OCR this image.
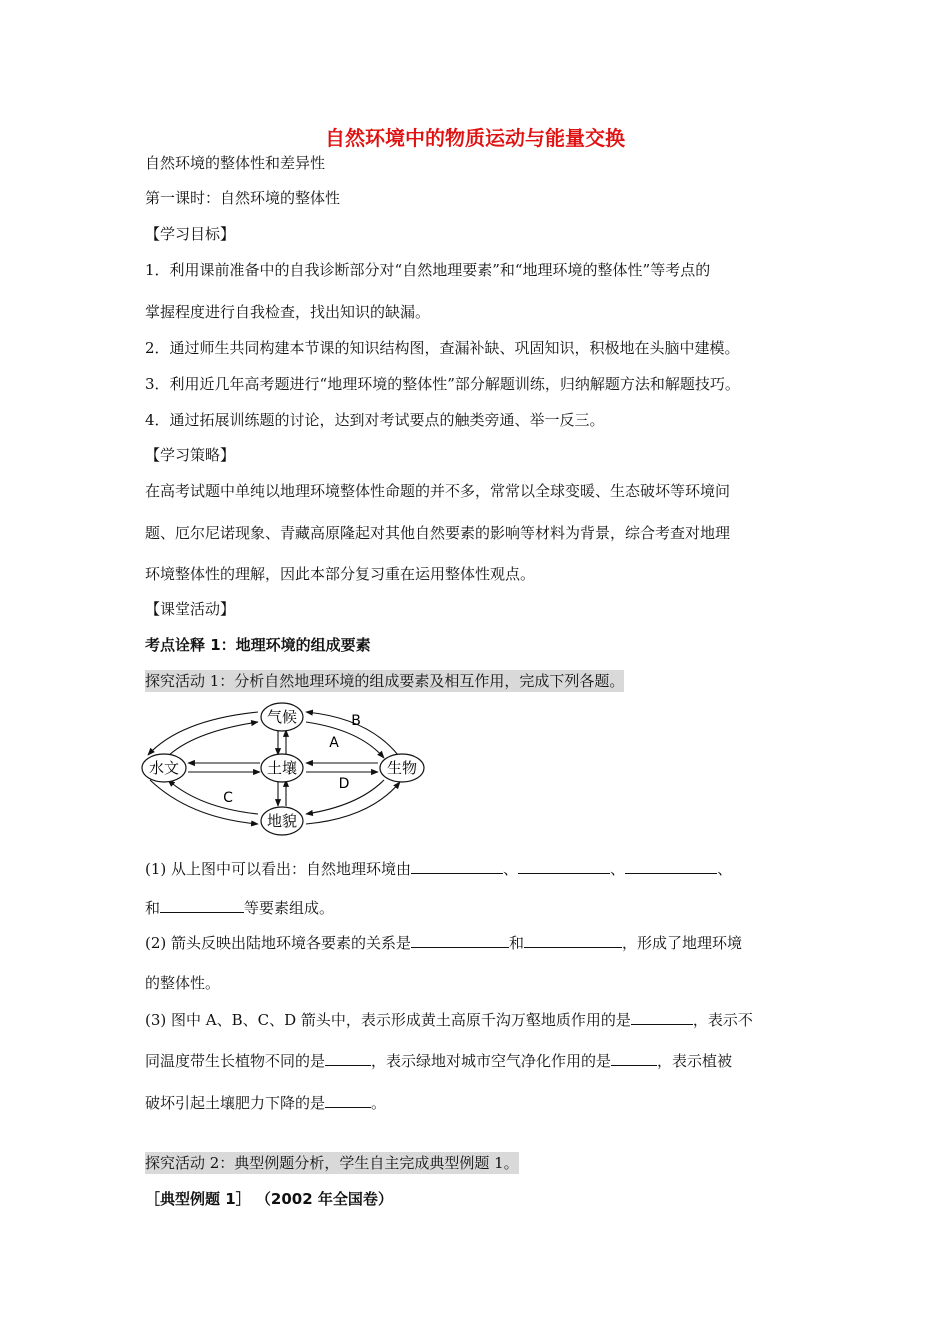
自然环境中的物质运动与能量交换
自然环境的整体性和差异性
第一课时：自然环境的整体性
【学习目标】
1．利用课前准备中的自我诊断部分对“自然地理要素”和“地理环境的整体性”等考点的
掌握程度进行自我检查，找出知识的缺漏。
2．通过师生共同构建本节课的知识结构图，查漏补缺、巩固知识，积极地在头脑中建模。
3．利用近几年高考题进行“地理环境的整体性”部分解题训练，归纳解题方法和解题技巧。
4．通过拓展训练题的讨论，达到对考试要点的触类旁通、举一反三。
【学习策略】
在高考试题中单纯以地理环境整体性命题的并不多，常常以全球变暖、生态破坏等环境问
题、厄尔尼诺现象、青藏高原隆起对其他自然要素的影响等材料为背景，综合考查对地理
环境整体性的理解，因此本部分复习重在运用整体性观点。
【课堂活动】
考点诠释 1：地理环境的组成要素
探究活动 1：分析自然地理环境的组成要素及相互作用，完成下列各题。
气候
水文	土壤	生物
地貌
A
B
C
D
(1) 从上图中可以看出：自然地理环境由	、	、	、
和	等要素组成。
(2) 箭头反映出陆地环境各要素的关系是	和	，形成了地理环境
的整体性。
(3) 图中 A、B、C、D 箭头中，表示形成黄土高原千沟万壑地质作用的是	，表示不
同温度带生长植物不同的是	，表示绿地对城市空气净化作用的是	，表示植被
破坏引起土壤肥力下降的是	。
探究活动 2：典型例题分析，学生自主完成典型例题 1。
［典型例题 1］ （2002 年全国卷）
